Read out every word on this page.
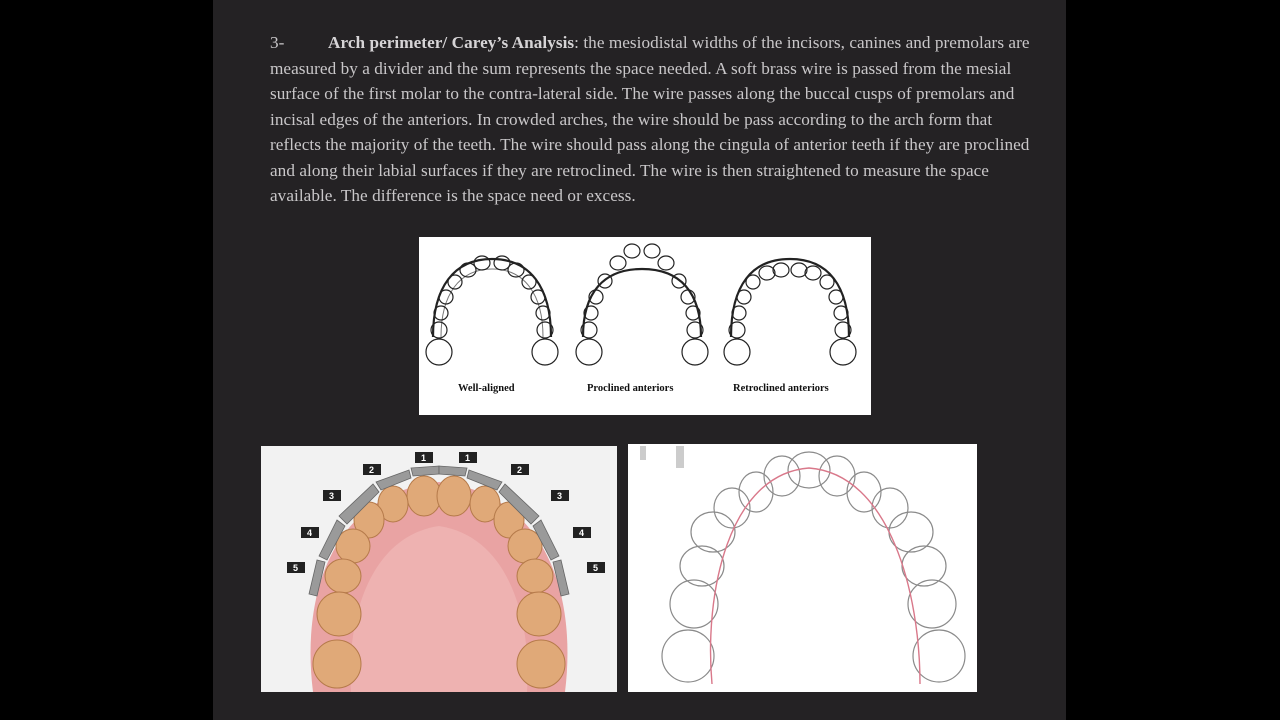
3-	Arch perimeter/ Carey’s Analysis: the mesiodistal widths of the incisors, canines and premolars are measured by a divider and the sum represents the space needed. A soft brass wire is passed from the mesial surface of the first molar to the contra-lateral side. The wire passes along the buccal cusps of premolars and incisal edges of the anteriors. In crowded arches, the wire should be pass according to the arch form that reflects the majority of the teeth. The wire should pass along the cingula of anterior teeth if they are proclined and along their labial surfaces if they are retroclined. The wire is then straightened to measure the space available. The difference is the space need or excess.

Well-aligned	Proclined anteriors	Retroclined anteriors
1	1
2	2
3	3
4	4
5	5
